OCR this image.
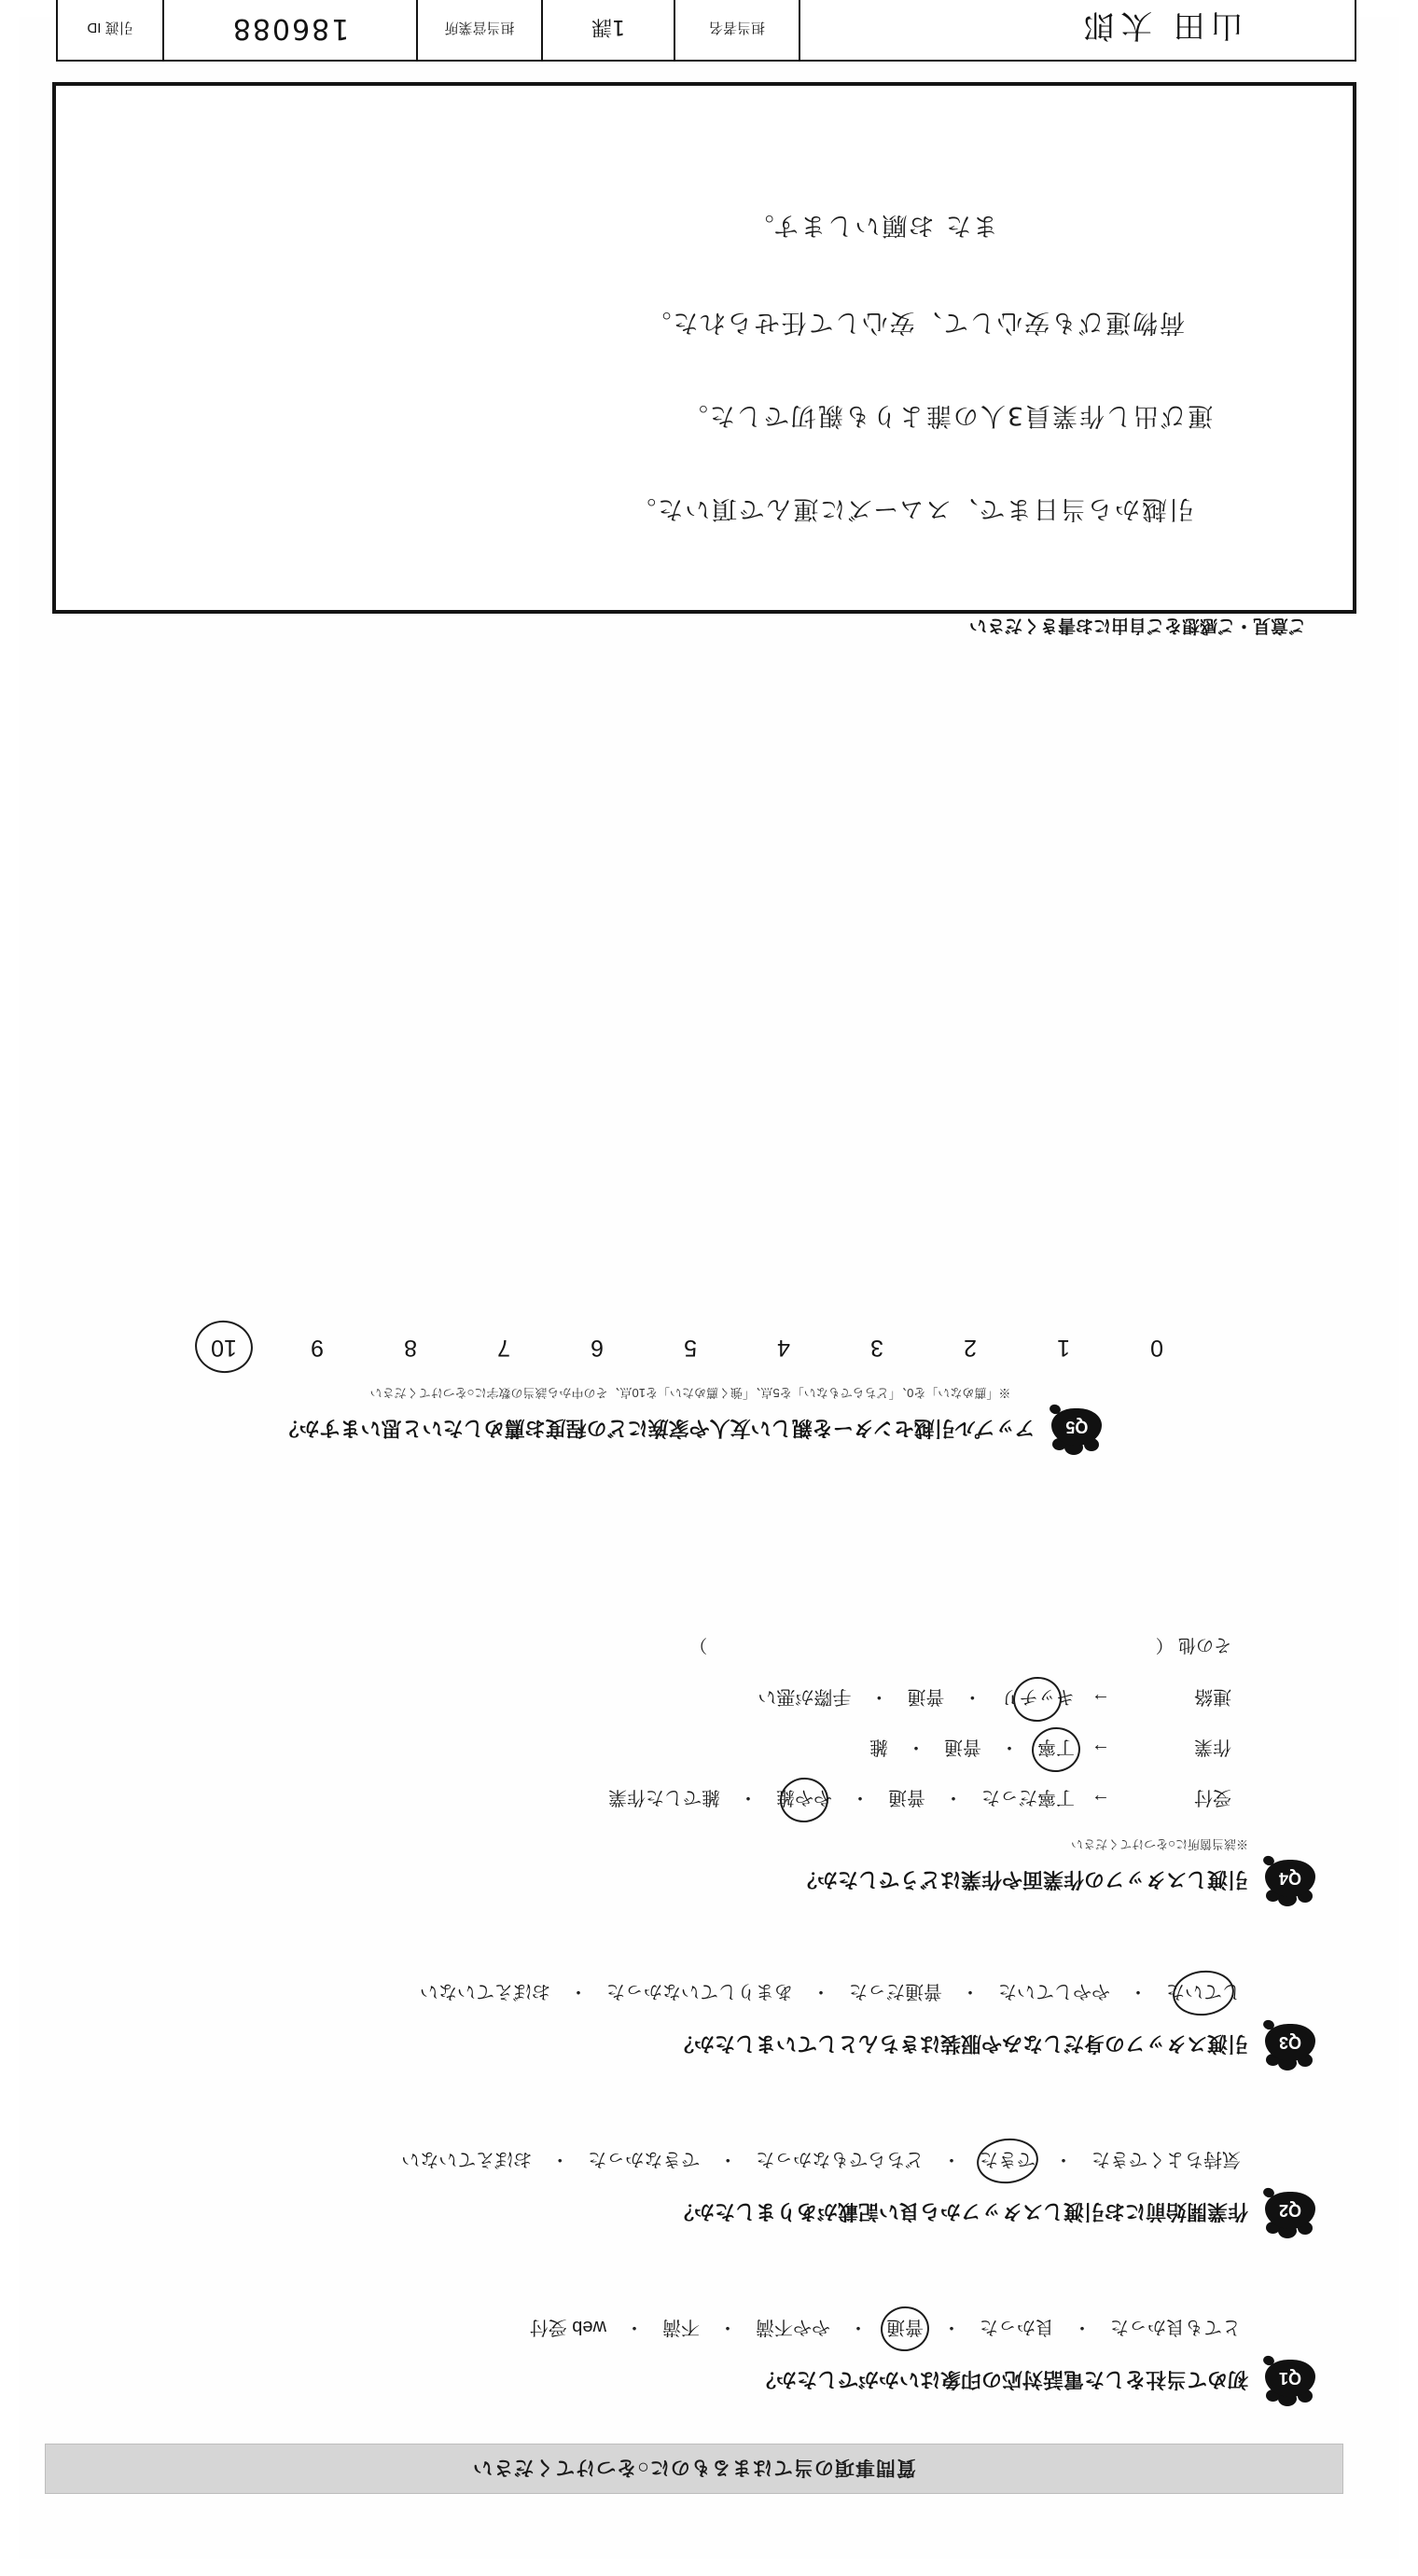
質問事項の当てはまるものに○をつけてください
Q1
初めて当社をした電話対応の印象はいかがでしたか？
とても良かった
・
良かった
・
普通
・
やや不満
・
不満
・
web 受付
Q2
作業開始前にお引渡しスタッフから良い記載がありましたか？
気持ちよくできた
・
できた
・
どちらでもなかった
・
できなかった
・
おぼえていない
Q3
引渡スタッフの身だしなみや服装はきちんとしていましたか？
していた
・
ややしていた
・
普通だった
・
あまりしていなかった
・
おぼえていない
Q4
引渡しスタッフの作業面や作業はどうでしたか？
※該当箇所に○をつけてください
受付
→
丁寧だった
・
普通
・
やや雑
・
雑でした作業
作業
→
丁寧
・
普通
・
雑
連絡
→
キッチリ
・
普通
・
手際が悪い
その他 （  ）
Q5
アップル引越センターを親しい友人や家族にどの程度お薦めしたいと思いますか？
※「薦めない」を0、「どちらでもない」を5点、「強く薦めたい」を10点、その中から該当の数字に○をつけてください
0
1
2
3
4
5
6
7
8
9
10
ご意見・ご感想をご自由にお書きください
引越から当日まで、スムーズに運んで頂いた。
運び出し作業員3人の誰よりも親切でした。
荷物運びも安心して、安心して任せられた。
また お願いします。
山田 太郎
担当者名
1課
担当営業所
186088
引渡 ID
